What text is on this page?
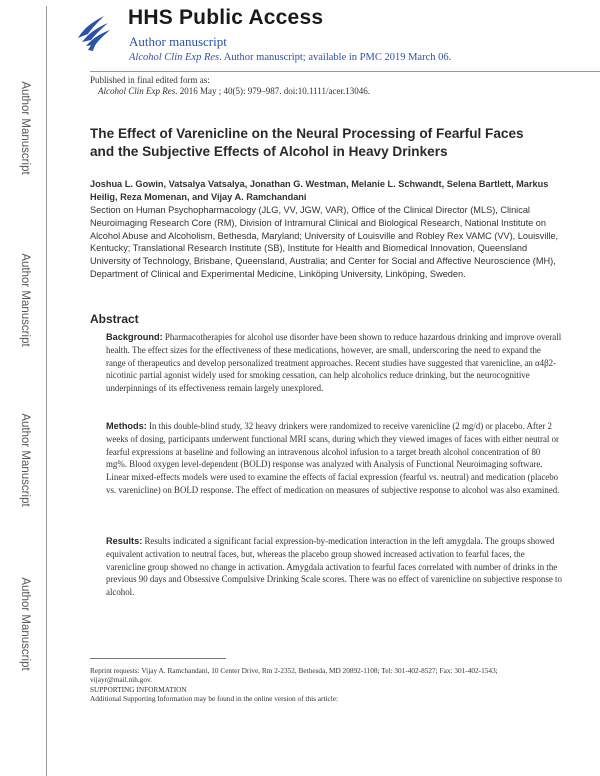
Author Manuscript
Author Manuscript
Author Manuscript
Author Manuscript
HHS Public Access
Author manuscript
Alcohol Clin Exp Res. Author manuscript; available in PMC 2019 March 06.
Published in final edited form as:
Alcohol Clin Exp Res. 2016 May ; 40(5): 979–987. doi:10.1111/acer.13046.
The Effect of Varenicline on the Neural Processing of Fearful Faces and the Subjective Effects of Alcohol in Heavy Drinkers
Joshua L. Gowin, Vatsalya Vatsalya, Jonathan G. Westman, Melanie L. Schwandt, Selena Bartlett, Markus Heilig, Reza Momenan, and Vijay A. Ramchandani
Section on Human Psychopharmacology (JLG, VV, JGW, VAR), Office of the Clinical Director (MLS), Clinical Neuroimaging Research Core (RM), Division of Intramural Clinical and Biological Research, National Institute on Alcohol Abuse and Alcoholism, Bethesda, Maryland; University of Louisville and Robley Rex VAMC (VV), Louisville, Kentucky; Translational Research Institute (SB), Institute for Health and Biomedical Innovation, Queensland University of Technology, Brisbane, Queensland, Australia; and Center for Social and Affective Neuroscience (MH), Department of Clinical and Experimental Medicine, Linköping University, Linköping, Sweden.
Abstract
Background: Pharmacotherapies for alcohol use disorder have been shown to reduce hazardous drinking and improve overall health. The effect sizes for the effectiveness of these medications, however, are small, underscoring the need to expand the range of therapeutics and develop personalized treatment approaches. Recent studies have suggested that varenicline, an α4β2-nicotinic partial agonist widely used for smoking cessation, can help alcoholics reduce drinking, but the neurocognitive underpinnings of its effectiveness remain largely unexplored.
Methods: In this double-blind study, 32 heavy drinkers were randomized to receive varenicline (2 mg/d) or placebo. After 2 weeks of dosing, participants underwent functional MRI scans, during which they viewed images of faces with either neutral or fearful expressions at baseline and following an intravenous alcohol infusion to a target breath alcohol concentration of 80 mg%. Blood oxygen level-dependent (BOLD) response was analyzed with Analysis of Functional Neuroimaging software. Linear mixed-effects models were used to examine the effects of facial expression (fearful vs. neutral) and medication (placebo vs. varenicline) on BOLD response. The effect of medication on measures of subjective response to alcohol was also examined.
Results: Results indicated a significant facial expression-by-medication interaction in the left amygdala. The groups showed equivalent activation to neutral faces, but, whereas the placebo group showed increased activation to fearful faces, the varenicline group showed no change in activation. Amygdala activation to fearful faces correlated with number of drinks in the previous 90 days and Obsessive Compulsive Drinking Scale scores. There was no effect of varenicline on subjective response to alcohol.
Reprint requests: Vijay A. Ramchandani, 10 Center Drive, Rm 2-2352, Bethesda, MD 20892-1108; Tel: 301-402-8527; Fax: 301-402-1543; vijayr@mail.nih.gov.
SUPPORTING INFORMATION
Additional Supporting Information may be found in the online version of this article:
